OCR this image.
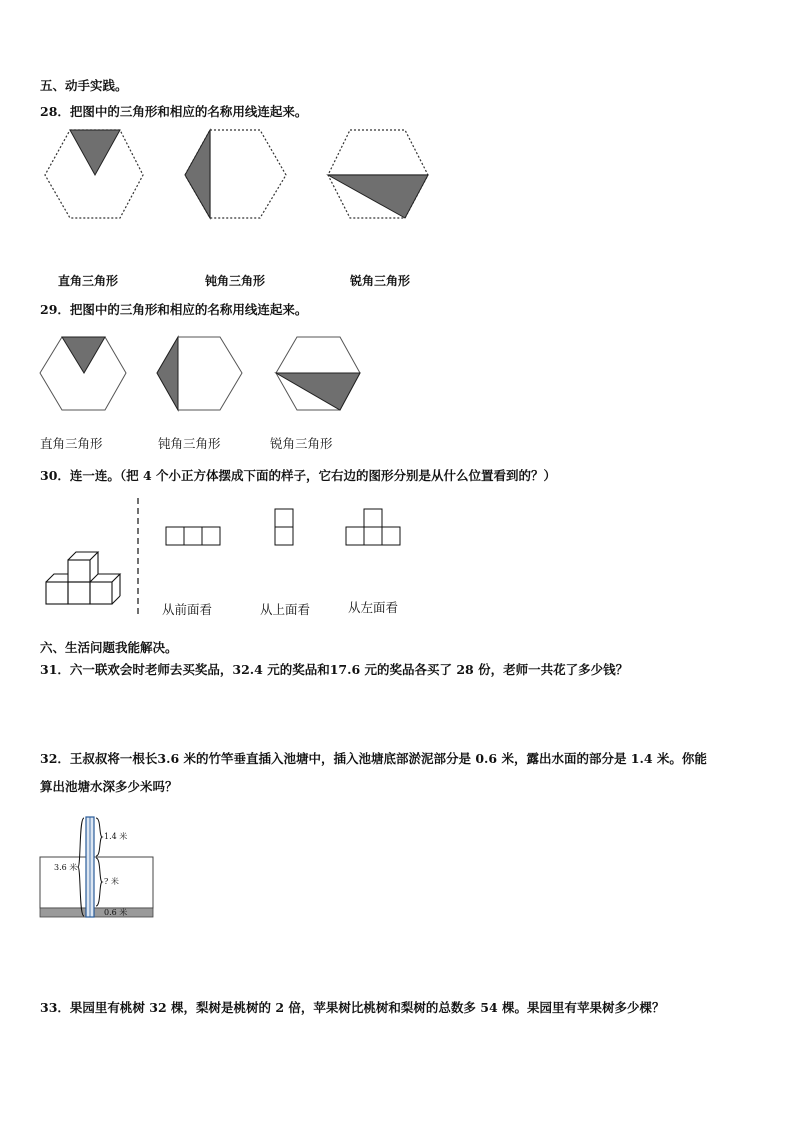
五、动手实践。
28．把图中的三角形和相应的名称用线连起来。
直角三角形	钝角三角形	锐角三角形
29．把图中的三角形和相应的名称用线连起来。
直角三角形	钝角三角形	锐角三角形
30．连一连。（把 4 个小正方体摆成下面的样子，它右边的图形分别是从什么位置看到的？）
从前面看	从上面看	从左面看
六、生活问题我能解决。
31．六一联欢会时老师去买奖品，32.4 元的奖品和17.6 元的奖品各买了 28 份，老师一共花了多少钱？
32．王叔叔将一根长3.6 米的竹竿垂直插入池塘中，插入池塘底部淤泥部分是 0.6 米，露出水面的部分是 1.4 米。你能
算出池塘水深多少米吗？
3.6 米
1.4 米
? 米
0.6 米
33．果园里有桃树 32 棵，梨树是桃树的 2 倍，苹果树比桃树和梨树的总数多 54 棵。果园里有苹果树多少棵？
